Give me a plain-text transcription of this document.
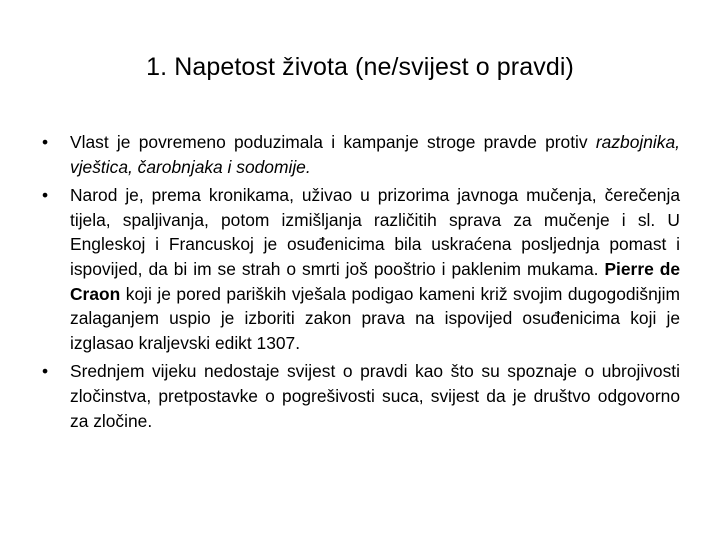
1. Napetost života (ne/svijest o pravdi)
•	Vlast je povremeno poduzimala i kampanje stroge pravde protiv razbojnika, vještica, čarobnjaka i sodomije.
•	Narod je, prema kronikama, uživao u prizorima javnoga mučenja, čerečenja tijela, spaljivanja, potom izmišljanja različitih sprava za mučenje i sl. U Engleskoj i Francuskoj je osuđenicima bila uskraćena posljednja pomast i ispovijed, da bi im se strah o smrti još pooštrio i paklenim mukama. Pierre de Craon koji je pored pariških vješala podigao kameni križ svojim dugogodišnjim zalaganjem uspio je izboriti zakon prava na ispovijed osuđenicima koji je izglasao kraljevski edikt 1307.
•	Srednjem vijeku nedostaje svijest o pravdi kao što su spoznaje o ubrojivosti zločinstva, pretpostavke o pogrešivosti suca, svijest da je društvo odgovorno za zločine.
